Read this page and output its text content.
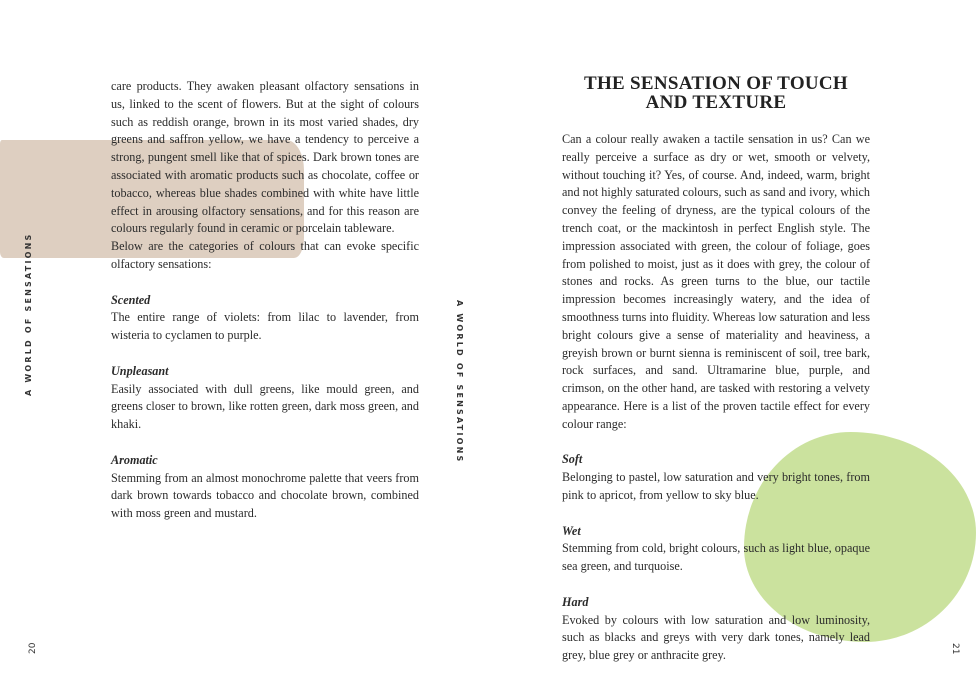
A WORLD OF SENSATIONS
20

care products. They awaken pleasant olfactory sensations in us, linked to the scent of flowers. But at the sight of colours such as reddish orange, brown in its most varied shades, dry greens and saffron yellow, we have a tendency to perceive a strong, pungent smell like that of spices. Dark brown tones are associated with aromatic products such as chocolate, coffee or tobacco, whereas blue shades combined with white have little effect in arousing olfactory sensations, and for this reason are colours regularly found in ceramic or porcelain tableware.

Below are the categories of colours that can evoke specific olfactory sensations:

Scented

The entire range of violets: from lilac to lavender, from wisteria to cyclamen to purple.

Unpleasant

Easily associated with dull greens, like mould green, and greens closer to brown, like rotten green, dark moss green, and khaki.

Aromatic

Stemming from an almost monochrome palette that veers from dark brown towards tobacco and chocolate brown, combined with moss green and mustard.

THE SENSATION OF TOUCH
AND TEXTURE

Can a colour really awaken a tactile sensation in us? Can we really perceive a surface as dry or wet, smooth or velvety, without touching it? Yes, of course. And, indeed, warm, bright and not highly saturated colours, such as sand and ivory, which convey the feeling of dryness, are the typical colours of the trench coat, or the mackintosh in perfect English style. The impression associated with green, the colour of foliage, goes from polished to moist, just as it does with grey, the colour of stones and rocks. As green turns to the blue, our tactile impression becomes increasingly watery, and the idea of smoothness turns into fluidity. Whereas low saturation and less bright colours give a sense of materiality and heaviness, a greyish brown or burnt sienna is reminiscent of soil, tree bark, rock surfaces, and sand. Ultramarine blue, purple, and crimson, on the other hand, are tasked with restoring a velvety appearance. Here is a list of the proven tactile effect for every colour range:

Soft

Belonging to pastel, low saturation and very bright tones, from pink to apricot, from yellow to sky blue.

Wet

Stemming from cold, bright colours, such as light blue, opaque sea green, and turquoise.

Hard

Evoked by colours with low saturation and low luminosity, such as blacks and greys with very dark tones, namely lead grey, blue grey or anthracite grey.

A WORLD OF SENSATIONS
21
